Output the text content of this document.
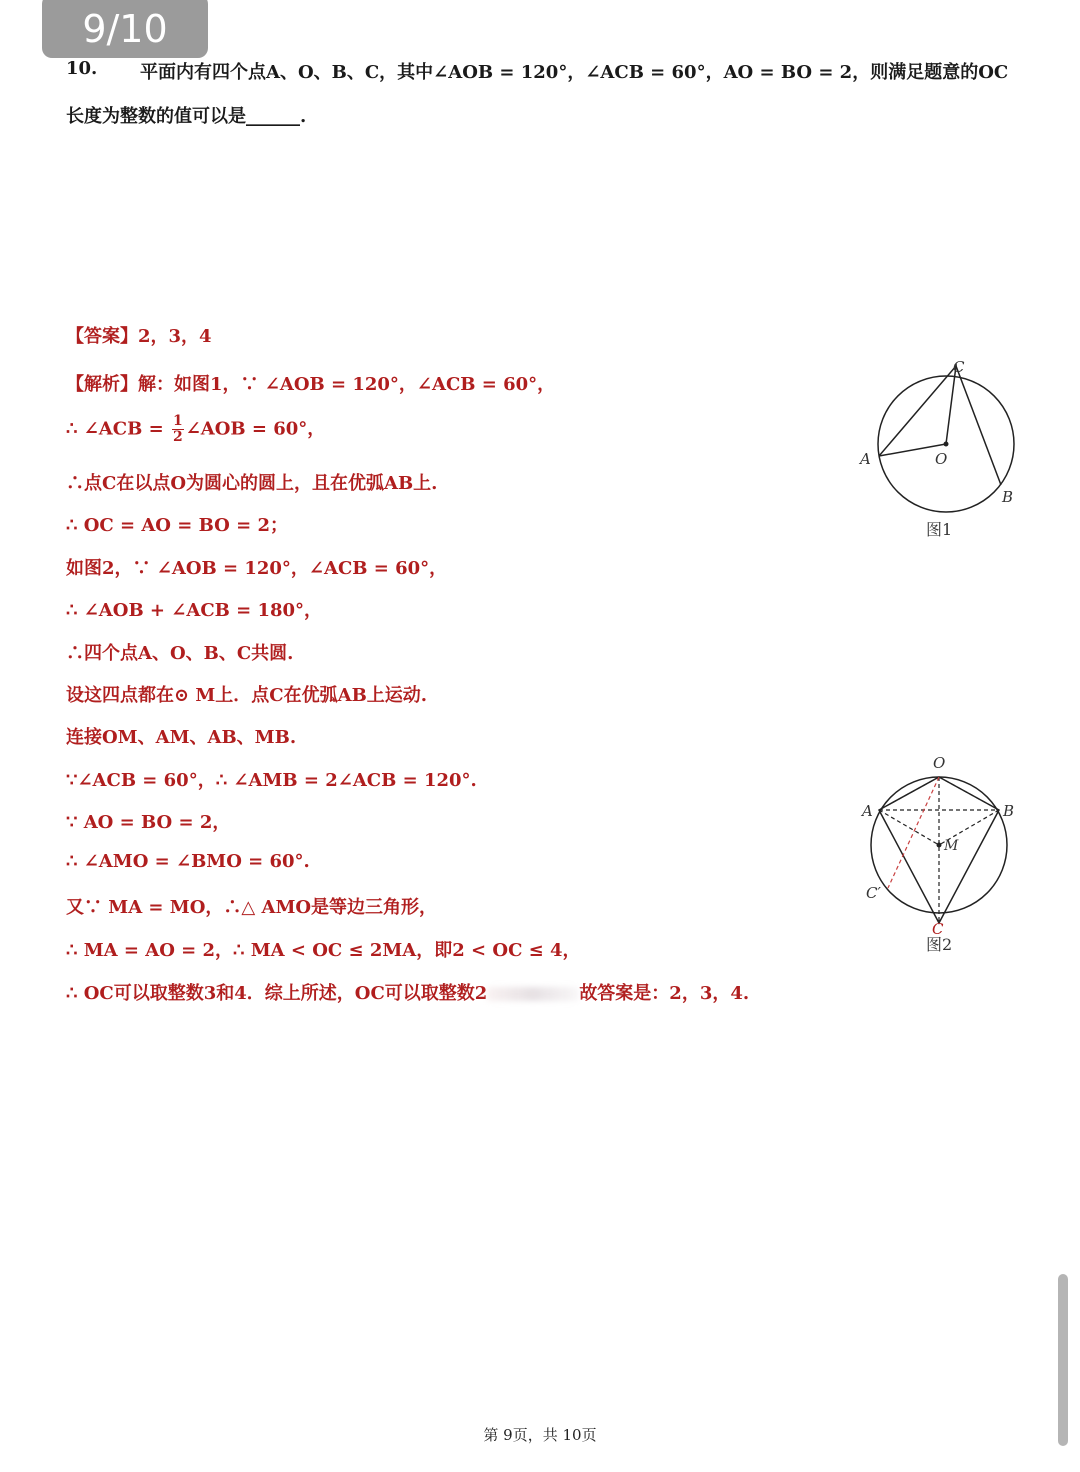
9/10
平面内有四个点A、O、B、C，其中∠AOB = 120°，∠ACB = 60°，AO = BO = 2，则满足题意的OC
10.
长度为整数的值可以是______.
【答案】2，3，4
【解析】解：如图1，∵ ∠AOB = 120°，∠ACB = 60°，
∴ ∠ACB = $\frac{1}{2}$ ∠AOB = 60°，
∴点C在以点O为圆心的圆上，且在优弧AB上.
∴ OC = AO = BO = 2；
如图2，∵ ∠AOB = 120°，∠ACB = 60°，
∴ ∠AOB + ∠ACB = 180°，
∴四个点A、O、B、C共圆.
设这四点都在⊙ M上．点C在优弧AB上运动.
连接OM、AM、AB、MB.
∵∠ACB = 60°，∴ ∠AMB = 2∠ACB = 120°.
∵ AO = BO = 2，
∴ ∠AMO = ∠BMO = 60°.
又∵ MA = MO，∴△ AMO是等边三角形，
∴ MA = AO = 2，∴ MA < OC ≤ 2MA，即2 < OC ≤ 4，
∴ OC可以取整数3和4．综上所述，OC可以取整数2	故答案是：2，3，4.
C
A	O
B
图1
O
A	B
M
C′
C
图2
第 9页，共 10页
